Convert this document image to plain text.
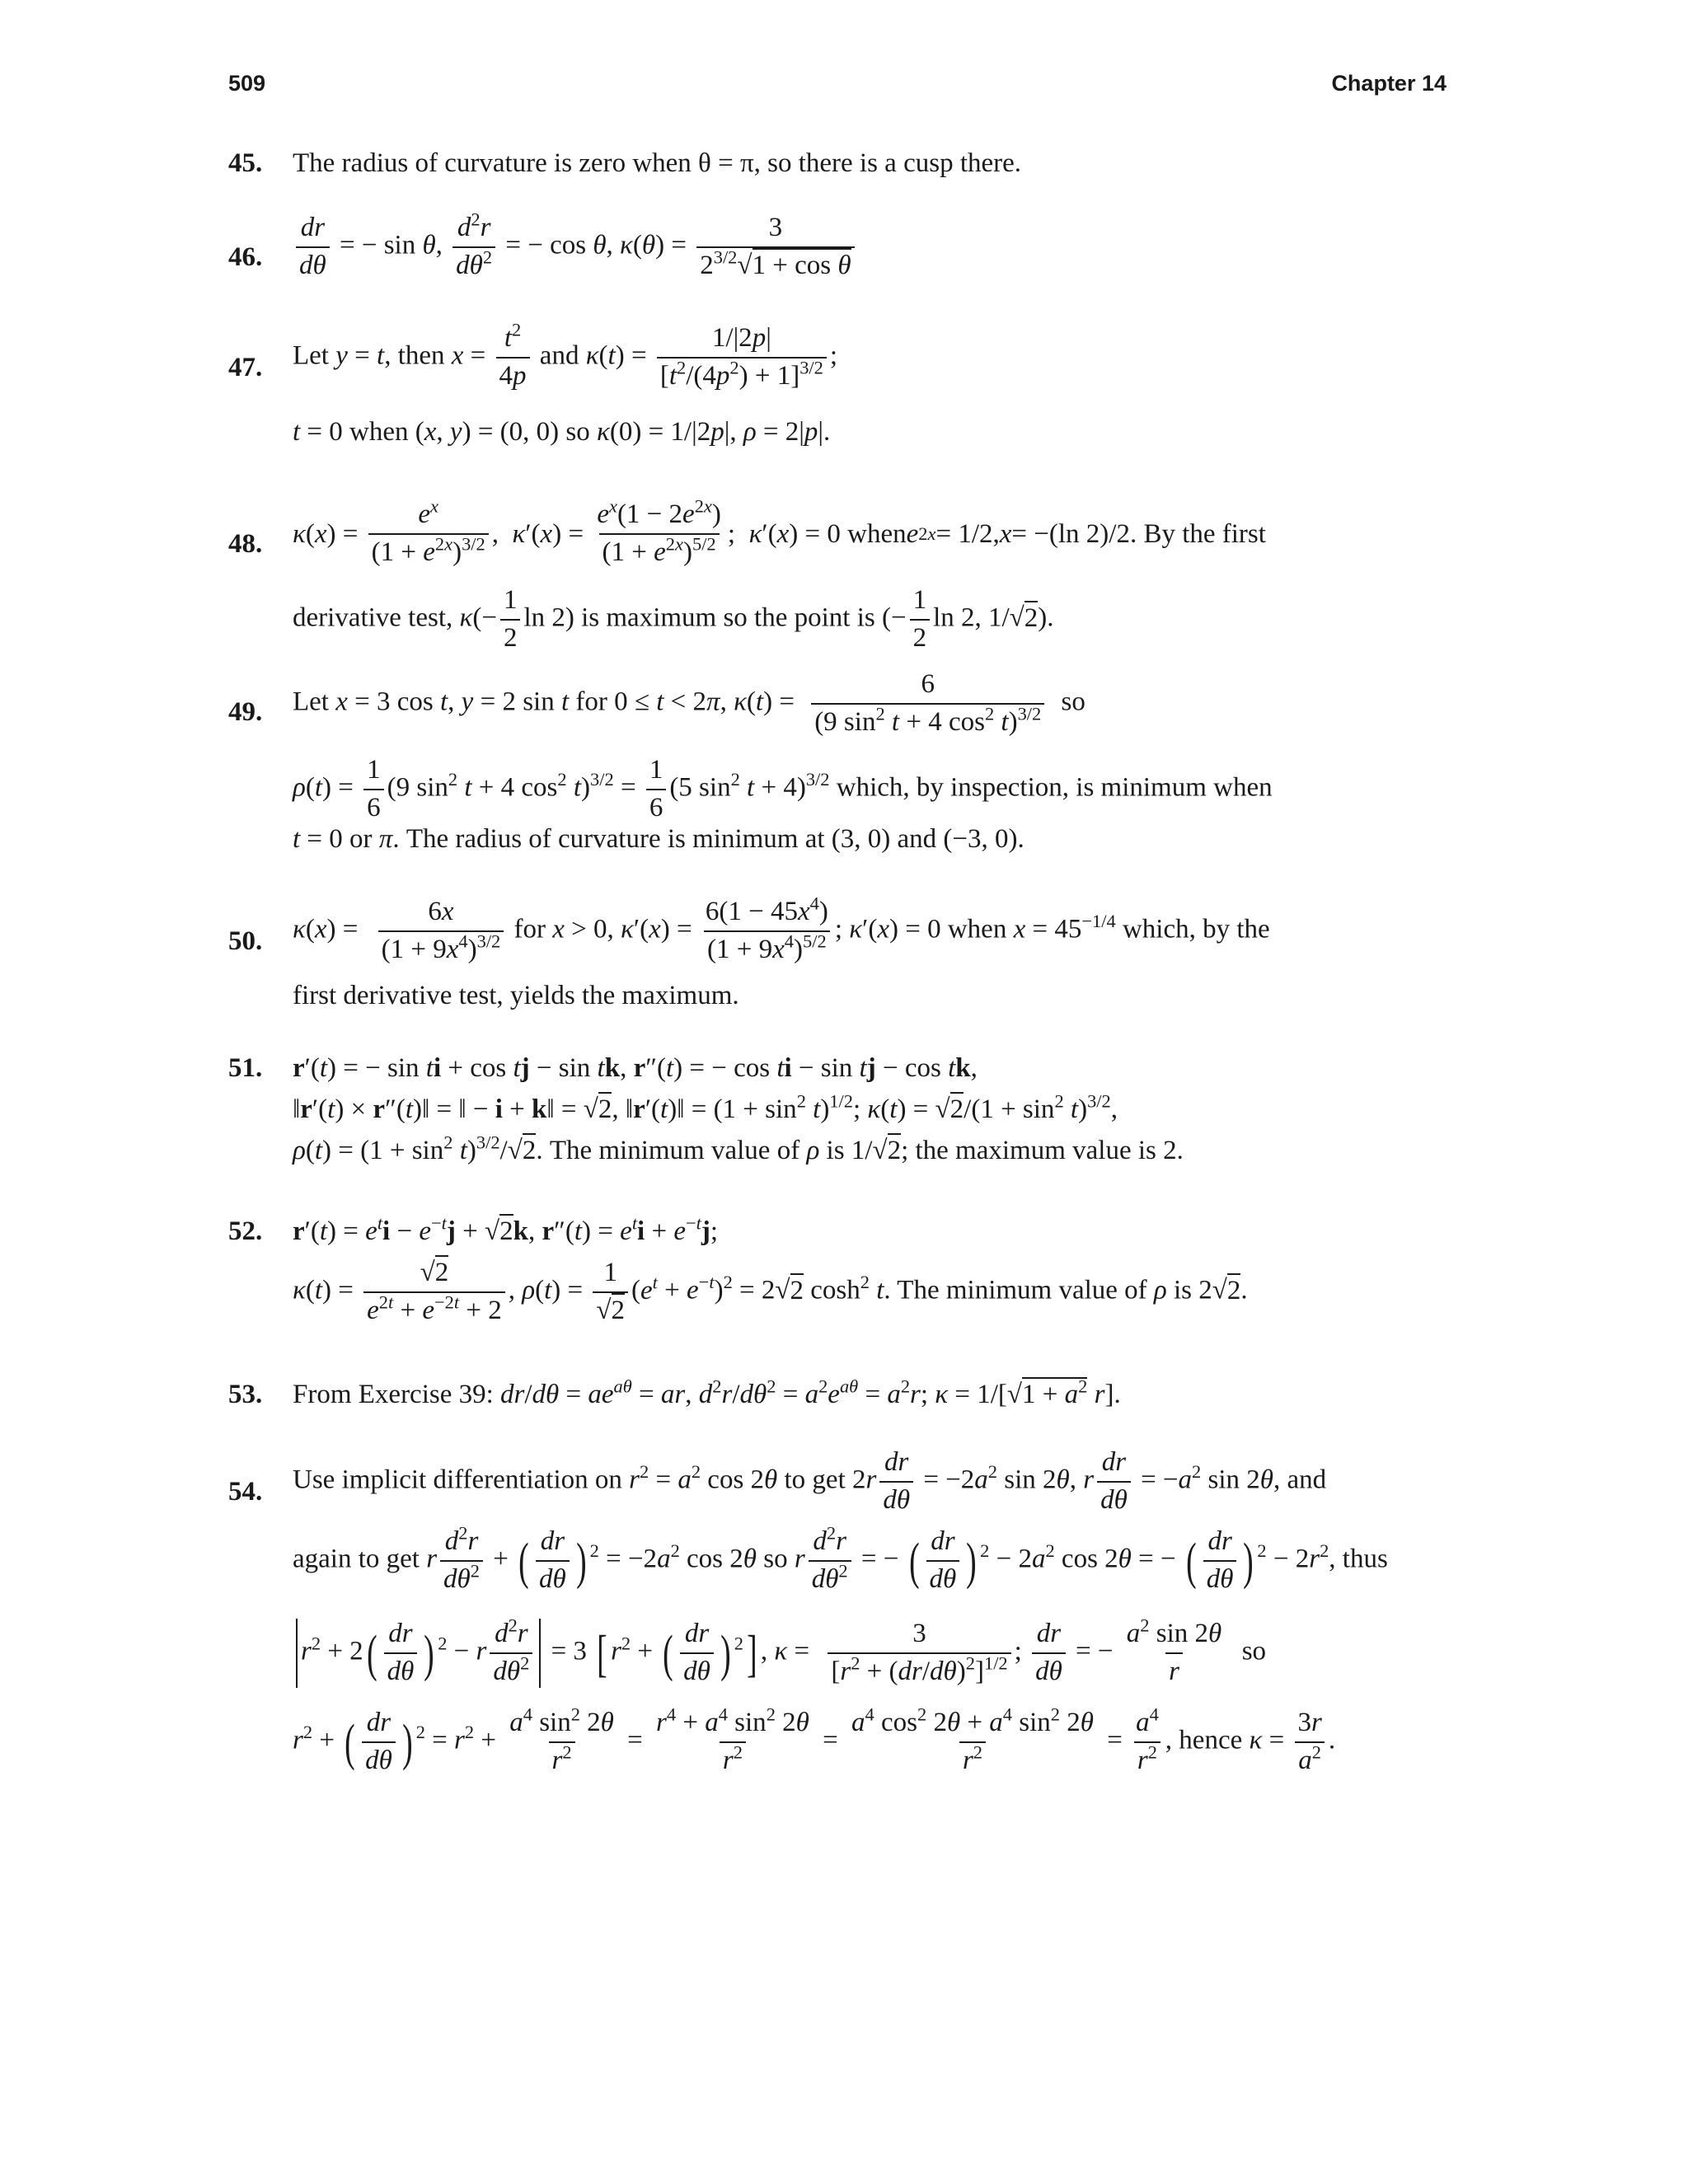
509	Chapter 14
45. The radius of curvature is zero when θ = π, so there is a cusp there.
46. $\frac{dr}{d\theta}$ = − sin θ, $\frac{d^2r}{d\theta^2}$ = − cos θ, $\kappa(\theta) = \frac{3}{2^{3/2}√1 + \cos \theta}$
47. Let y = t, then $x = \frac{t^2}{4p}$ and $\kappa(t) = \frac{1/|2p|}{[t^2/(4p^2) + 1]^{3/2}}$ ;
t = 0 when (x, y) = (0, 0) so κ(0) = 1/|2p|, ρ = 2|p|.
48. κ ( x ) = $\frac{e^x}{(1 + e^{2x})^{3/2}}$ , κ ′( x ) = $\frac{e^x(1 - 2e^{2x})}{(1 + e^{2x})^{5/2}}$ ; κ ′( x ) = 0 when e 2x = 1/2, x = −(ln 2)/2. By the first
derivative test, $\kappa(- \frac{1}{2}$ ln 2) is maximum so the point is (− $\frac{1}{2}$ ln 2, 1/√2).
49. Let x = 3 cos t, y = 2 sin t for 0 ≤ t < 2π, $\kappa(t) = \frac{6}{(9 \sin^2 t + 4 \cos^2 t)^{3/2}}$ so
$\rho(t) = \frac{1}{6} (9$ $\sin^2 t + 4$ $\cos^2 t)^{3/2} = \frac{1}{6} (5$ $\sin^2 t + 4)^{3/2}$ which, by inspection, is minimum when
t = 0 or π. The radius of curvature is minimum at (3, 0) and (−3, 0).
50. $\kappa(x) = \frac{6x}{(1 + 9x^4)^{3/2}}$ for x > 0, $\kappa'(x) = \frac{6(1 - 45x^4)}{(1 + 9x^4)^{5/2}}$ ; κ′(x) = 0 when $x = 45^{-1/4}$ which, by the
first derivative test, yields the maximum.
51. r′(t) = − sin ti + cos tj − sin tk, r″(t) = − cos ti − sin tj − cos tk,
‖r′(t) × r″(t)‖ = ‖ − i + k‖ = √2, ‖r′(t)‖ = $(1 + \sin^2 t)^{1/2}$; $\kappa(t) = √2/(1 + \sin^2 t)^{3/2}$,
$\rho(t) = (1 + \sin^2 t)^{3/2}/√2$. The minimum value of ρ is 1/√2; the maximum value is 2.
52. $r'(t) = e^ti - e^{-t}j + √2k$, $r''(t) = e^ti + e^{-t}j$;
$\kappa(t) = \frac{√2}{e^{2t} + e^{-2t} + 2}$ , $\rho(t) = \frac{1}{√2} (e^t + e^{-t})^2 = 2√2$ $\cosh^2 t$. The minimum value of ρ is 2√2.
53. From Exercise 39: $dr/d\theta = ae^{a\theta}$ = ar, $d^2r/d\theta^2 = a^2e^{a\theta} = a^2r$; $\kappa = 1/[√1 + a^2$ r].
54. Use implicit differentiation on $r^2 = a^2$ cos 2θ to get $2r \frac{dr}{d\theta} = -2a^2$ sin 2θ, r $\frac{dr}{d\theta} = -a^2$ sin 2θ, and
again to get r $\frac{d^2r}{d\theta^2}$ + ( $\frac{dr}{d\theta}$ ) $^2 = -2a^2$ cos 2θ so r $\frac{d^2r}{d\theta^2}$ = − ( $\frac{dr}{d\theta}$ ) $^2 - 2a^2$ cos 2θ = − ( $\frac{dr}{d\theta}$ ) $^2 - 2r^2$, thus
$r^2 + 2( \frac{dr}{d\theta}$ ) $^2$ − r $\frac{d^2r}{d\theta^2} = 3$ [ $r^2$ + ( $\frac{dr}{d\theta}$ ) $^2$] , $\kappa = \frac{3}{[r^2 + (dr/d\theta)^2]^{1/2}}$ ; $\frac{dr}{d\theta}$ = − $\frac{a^2 \sin 2\theta}{r}$ so
$r^2$ + ( $\frac{dr}{d\theta}$ ) $^2 = r^2 + \frac{a^4 \sin^2 2\theta}{r^2} = \frac{r^4 + a^4 \sin^2 2\theta}{r^2} = \frac{a^4 \cos^2 2\theta + a^4 \sin^2 2\theta}{r^2} = \frac{a^4}{r^2}$ , hence $\kappa = \frac{3r}{a^2}$ .
